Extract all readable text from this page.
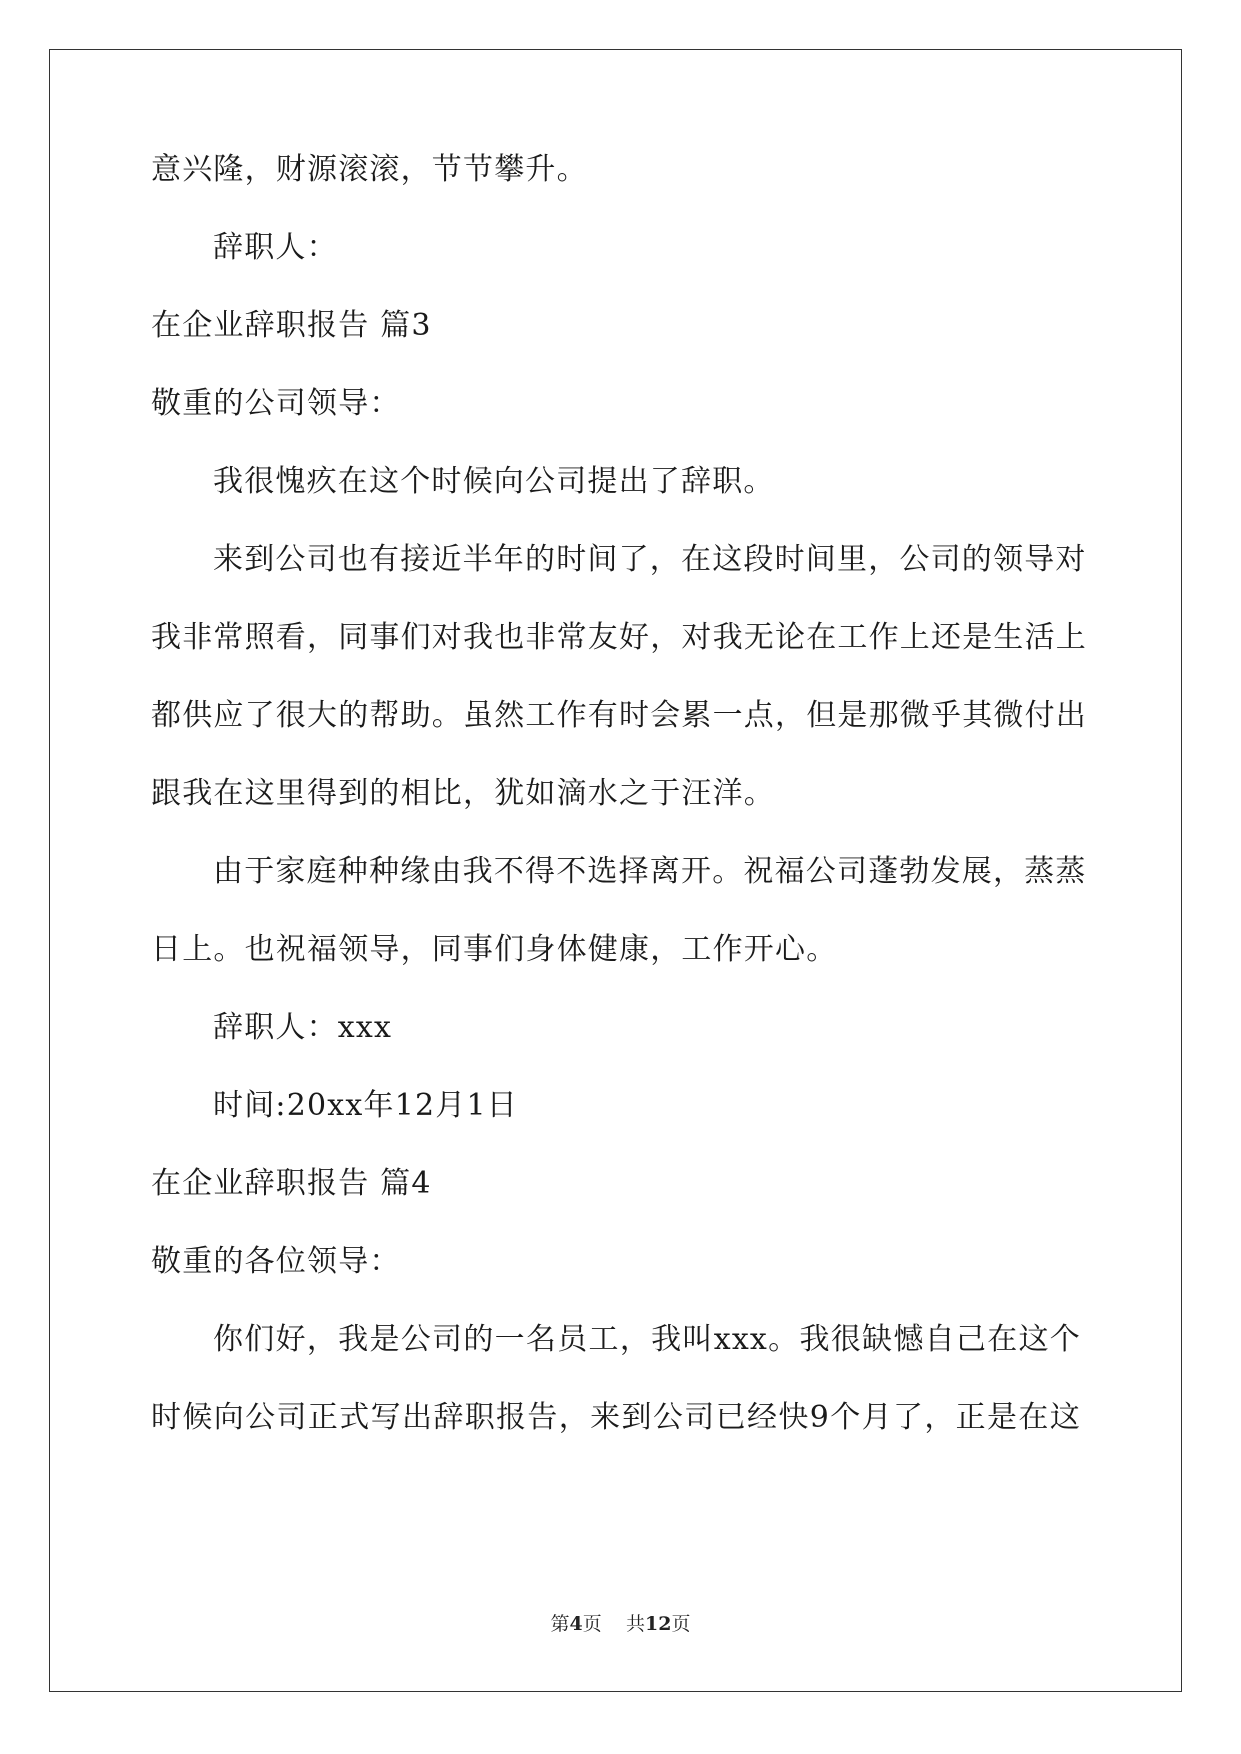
意兴隆，财源滚滚，节节攀升。
辞职人：
在企业辞职报告 篇3
敬重的公司领导：
我很愧疚在这个时候向公司提出了辞职。
来到公司也有接近半年的时间了，在这段时间里，公司的领导对
我非常照看，同事们对我也非常友好，对我无论在工作上还是生活上
都供应了很大的帮助。虽然工作有时会累一点，但是那微乎其微付出
跟我在这里得到的相比，犹如滴水之于汪洋。
由于家庭种种缘由我不得不选择离开。祝福公司蓬勃发展，蒸蒸
日上。也祝福领导，同事们身体健康，工作开心。
辞职人：xxx
时间:20xx年12月1日
在企业辞职报告 篇4
敬重的各位领导：
你们好，我是公司的一名员工，我叫xxx。我很缺憾自己在这个
时候向公司正式写出辞职报告，来到公司已经快9个月了，正是在这
第4页 共12页
